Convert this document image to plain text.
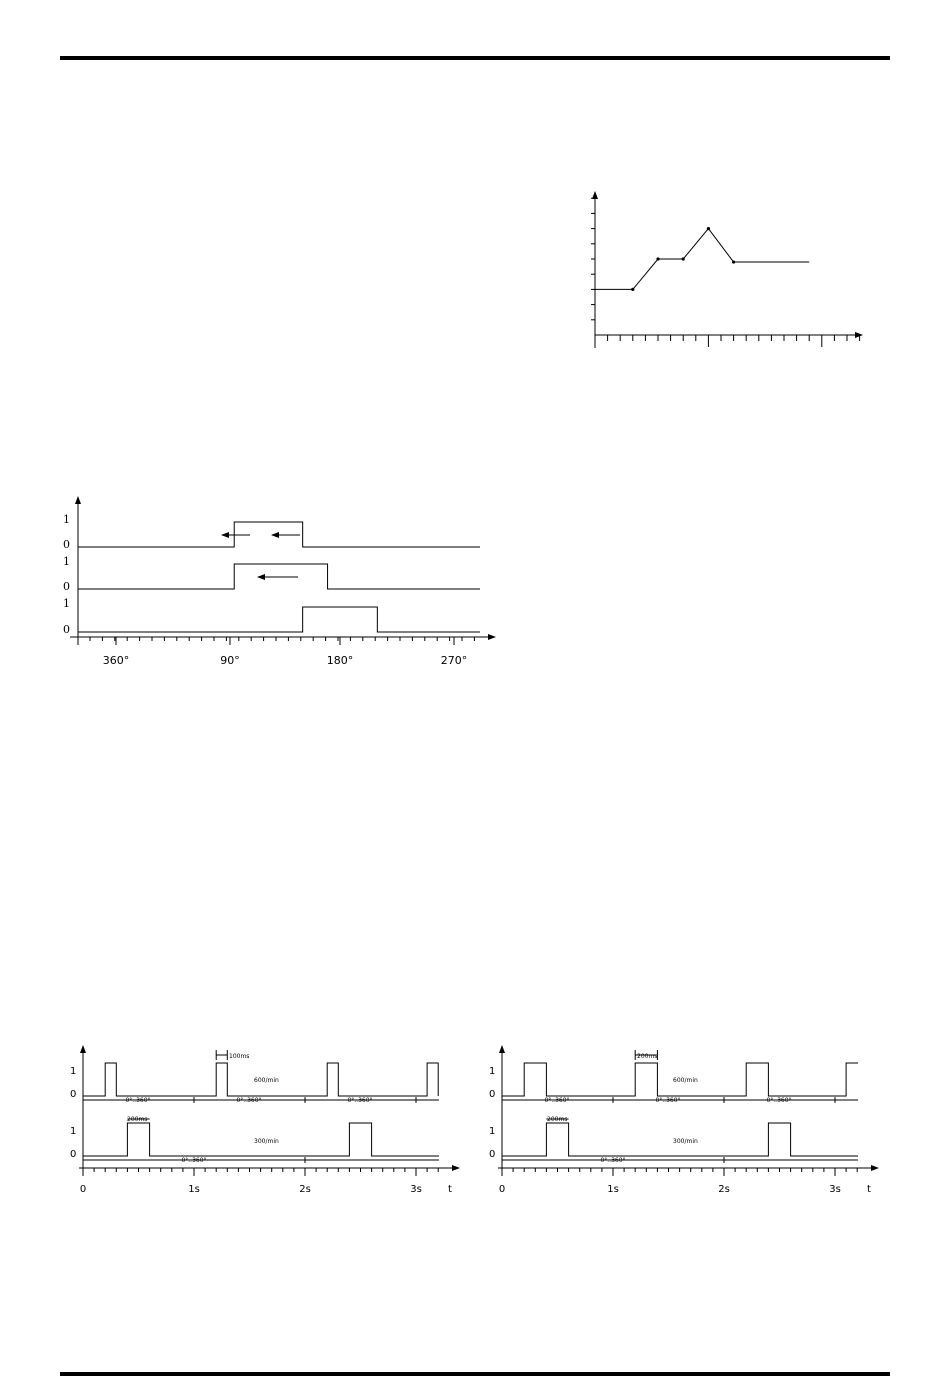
1
0
1
0
1
0
360°	90°	180°	270°
1
0
1
0
100ms
600/min
200ms
300/min
0°..360°	0°..360°	0°..360°
0°..360°
0	1s	2s	3s	t
1
0
1
0
200ms
600/min
200ms
300/min
0°..360°	0°..360°	0°..360°
0°..360°
0	1s	2s	3s	t
